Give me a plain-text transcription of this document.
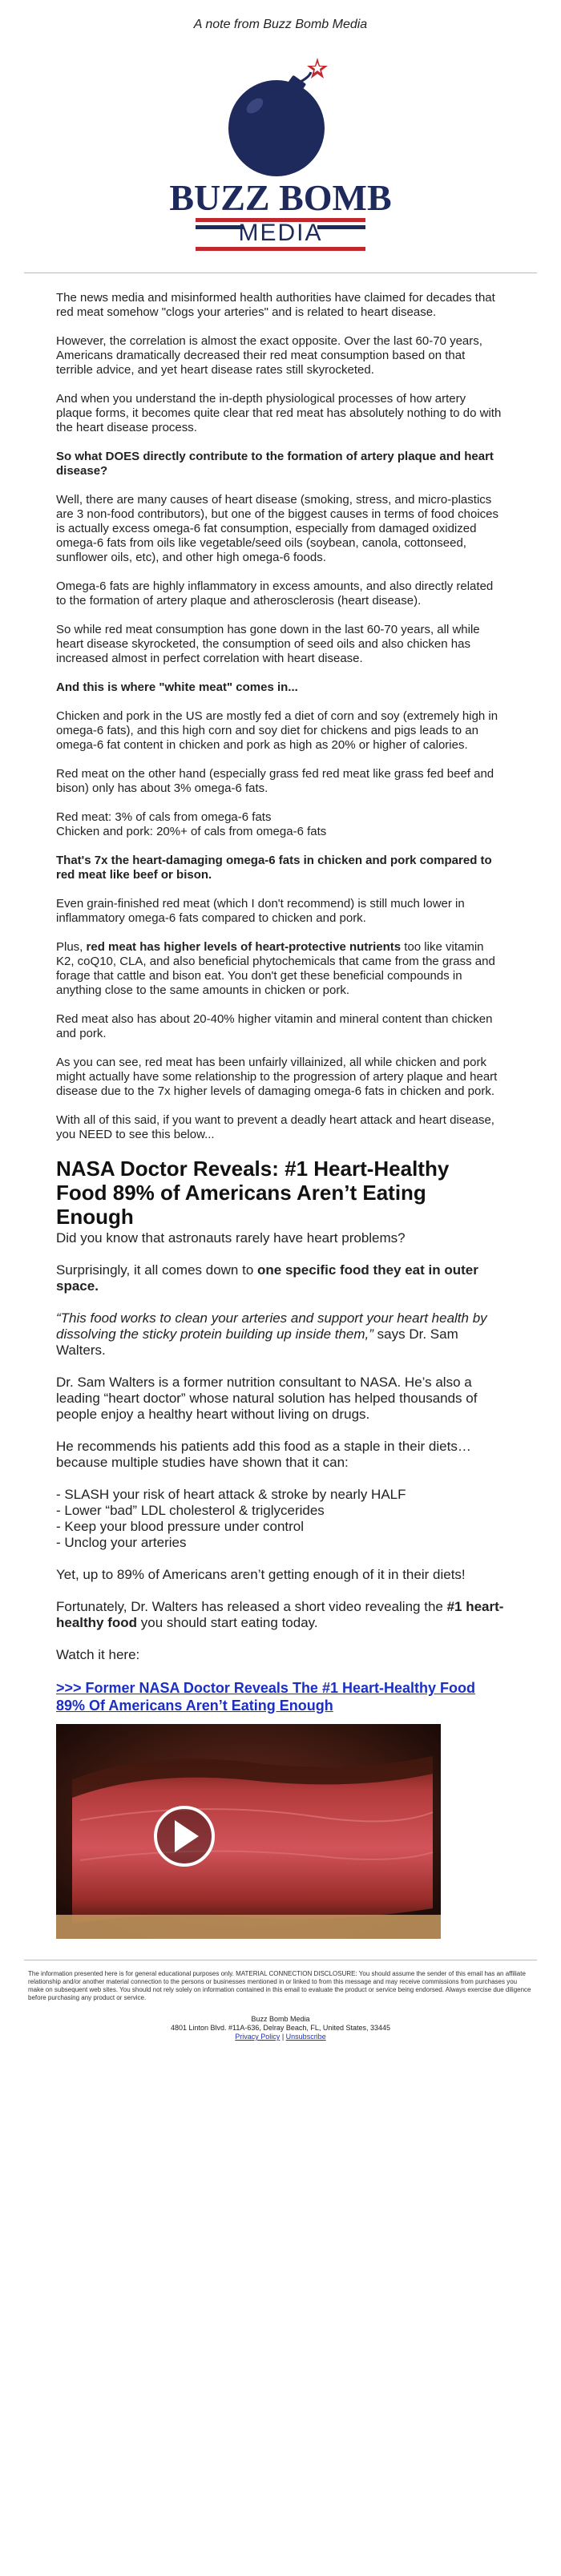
A note from Buzz Bomb Media
BUZZ BOMB
MEDIA

The news media and misinformed health authorities have claimed for decades that red meat somehow "clogs your arteries" and is related to heart disease.

However, the correlation is almost the exact opposite. Over the last 60-70 years, Americans dramatically decreased their red meat consumption based on that terrible advice, and yet heart disease rates still skyrocketed.

And when you understand the in-depth physiological processes of how artery plaque forms, it becomes quite clear that red meat has absolutely nothing to do with the heart disease process.

So what DOES directly contribute to the formation of artery plaque and heart disease?

Well, there are many causes of heart disease (smoking, stress, and micro-plastics are 3 non-food contributors), but one of the biggest causes in terms of food choices is actually excess omega-6 fat consumption, especially from damaged oxidized omega-6 fats from oils like vegetable/seed oils (soybean, canola, cottonseed, sunflower oils, etc), and other high omega-6 foods.

Omega-6 fats are highly inflammatory in excess amounts, and also directly related to the formation of artery plaque and atherosclerosis (heart disease).

So while red meat consumption has gone down in the last 60-70 years, all while heart disease skyrocketed, the consumption of seed oils and also chicken has increased almost in perfect correlation with heart disease.

And this is where "white meat" comes in...

Chicken and pork in the US are mostly fed a diet of corn and soy (extremely high in omega-6 fats), and this high corn and soy diet for chickens and pigs leads to an omega-6 fat content in chicken and pork as high as 20% or higher of calories.

Red meat on the other hand (especially grass fed red meat like grass fed beef and bison) only has about 3% omega-6 fats.

Red meat: 3% of cals from omega-6 fats
Chicken and pork: 20%+ of cals from omega-6 fats

That's 7x the heart-damaging omega-6 fats in chicken and pork compared to red meat like beef or bison.

Even grain-finished red meat (which I don't recommend) is still much lower in inflammatory omega-6 fats compared to chicken and pork.

Plus, red meat has higher levels of heart-protective nutrients too like vitamin K2, coQ10, CLA, and also beneficial phytochemicals that came from the grass and forage that cattle and bison eat. You don't get these beneficial compounds in anything close to the same amounts in chicken or pork.

Red meat also has about 20-40% higher vitamin and mineral content than chicken and pork.

As you can see, red meat has been unfairly villainized, all while chicken and pork might actually have some relationship to the progression of artery plaque and heart disease due to the 7x higher levels of damaging omega-6 fats in chicken and pork.

With all of this said, if you want to prevent a deadly heart attack and heart disease, you NEED to see this below...

NASA Doctor Reveals: #1 Heart-Healthy Food 89% of Americans Aren’t Eating Enough

Did you know that astronauts rarely have heart problems?

Surprisingly, it all comes down to one specific food they eat in outer space.

“This food works to clean your arteries and support your heart health by dissolving the sticky protein building up inside them,” says Dr. Sam Walters.

Dr. Sam Walters is a former nutrition consultant to NASA. He’s also a leading “heart doctor” whose natural solution has helped thousands of people enjoy a healthy heart without living on drugs.

He recommends his patients add this food as a staple in their diets… because multiple studies have shown that it can:

- SLASH your risk of heart attack & stroke by nearly HALF
- Lower “bad” LDL cholesterol & triglycerides
- Keep your blood pressure under control
- Unclog your arteries

Yet, up to 89% of Americans aren’t getting enough of it in their diets!

Fortunately, Dr. Walters has released a short video revealing the #1 heart-healthy food you should start eating today.

Watch it here:

>>> Former NASA Doctor Reveals The #1 Heart-Healthy Food 89% Of Americans Aren’t Eating Enough
The information presented here is for general educational purposes only. MATERIAL CONNECTION DISCLOSURE: You should assume the sender of this email has an affiliate relationship and/or another material connection to the persons or businesses mentioned in or linked to from this message and may receive commissions from purchases you make on subsequent web sites. You should not rely solely on information contained in this email to evaluate the product or service being endorsed. Always exercise due diligence before purchasing any product or service.
Buzz Bomb Media
4801 Linton Blvd. #11A-636, Delray Beach, FL, United States, 33445
Privacy Policy | Unsubscribe
